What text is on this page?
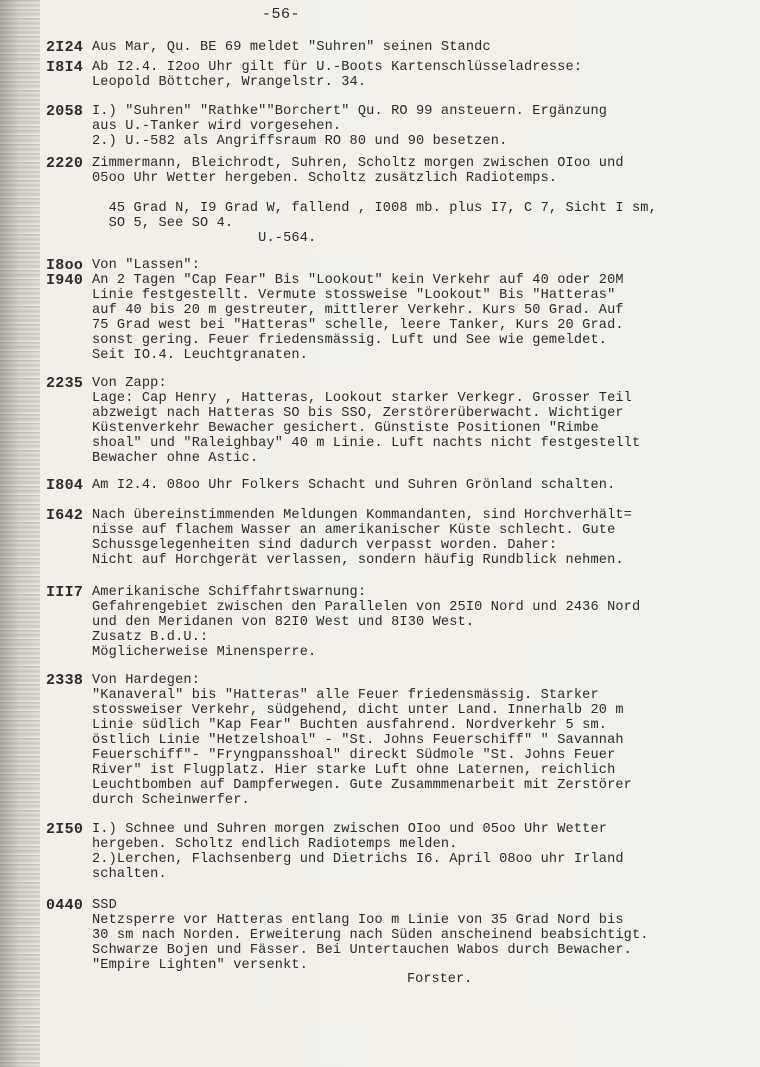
-56-
2I24 Aus Mar, Qu. BE 69 meldet "Suhren" seinen Standc
I8I4 Ab I2.4. I2oo Uhr gilt für U.-Boots Kartenschlüsseladresse:
Leopold Böttcher, Wrangelstr. 34.
2058 I.) "Suhren" "Rathke""Borchert" Qu. RO 99 ansteuern. Ergänzung
aus U.-Tanker wird vorgesehen.
2.) U.-582 als Angriffsraum RO 80 und 90 besetzen.
2220 Zimmermann, Bleichrodt, Suhren, Scholtz morgen zwischen OIoo und
05oo Uhr Wetter hergeben. Scholtz zusätzlich Radiotemps.
45 Grad N, I9 Grad W, fallend , I008 mb. plus I7, C 7, Sicht I sm,
SO 5, See SO 4.
U.-564.
I8oo Von "Lassen":
I940 An 2 Tagen "Cap Fear" Bis "Lookout" kein Verkehr auf 40 oder 20M
Linie festgestellt. Vermute stossweise "Lookout" Bis "Hatteras"
auf 40 bis 20 m gestreuter, mittlerer Verkehr. Kurs 50 Grad. Auf
75 Grad west bei "Hatteras" schelle, leere Tanker, Kurs 20 Grad.
sonst gering. Feuer friedensmässig. Luft und See wie gemeldet.
Seit IO.4. Leuchtgranaten.
2235 Von Zapp:
Lage: Cap Henry , Hatteras, Lookout starker Verkegr. Grosser Teil
abzweigt nach Hatteras SO bis SSO, Zerstörerüberwacht. Wichtiger
Küstenverkehr Bewacher gesichert. Günstiste Positionen "Rimbe
shoal" und "Raleighbay" 40 m Linie. Luft nachts nicht festgestellt
Bewacher ohne Astic.
I804 Am I2.4. 08oo Uhr Folkers Schacht und Suhren Grönland schalten.
I642 Nach übereinstimmenden Meldungen Kommandanten, sind Horchverhält=
nisse auf flachem Wasser an amerikanischer Küste schlecht. Gute
Schussgelegenheiten sind dadurch verpasst worden. Daher:
Nicht auf Horchgerät verlassen, sondern häufig Rundblick nehmen.
III7 Amerikanische Schiffahrtswarnung:
Gefahrengebiet zwischen den Parallelen von 25I0 Nord und 2436 Nord
und den Meridanen von 82I0 West und 8I30 West.
Zusatz B.d.U.:
Möglicherweise Minensperre.
2338 Von Hardegen:
"Kanaveral" bis "Hatteras" alle Feuer friedensmässig. Starker
stossweiser Verkehr, südgehend, dicht unter Land. Innerhalb 20 m
Linie südlich "Kap Fear" Buchten ausfahrend. Nordverkehr 5 sm.
östlich Linie "Hetzelshoal" - "St. Johns Feuerschiff" " Savannah
Feuerschiff"- "Fryngpansshoal" direckt Südmole "St. Johns Feuer
River" ist Flugplatz. Hier starke Luft ohne Laternen, reichlich
Leuchtbomben auf Dampferwegen. Gute Zusammmenarbeit mit Zerstörer
durch Scheinwerfer.
2I50 I.) Schnee und Suhren morgen zwischen OIoo und 05oo Uhr Wetter
hergeben. Scholtz endlich Radiotemps melden.
2.)Lerchen, Flachsenberg und Dietrichs I6. April 08oo uhr Irland
schalten.
0440 SSD
Netzsperre vor Hatteras entlang Ioo m Linie von 35 Grad Nord bis
30 sm nach Norden. Erweiterung nach Süden anscheinend beabsichtigt.
Schwarze Bojen und Fässer. Bei Untertauchen Wabos durch Bewacher.
"Empire Lighten" versenkt.
Forster.
